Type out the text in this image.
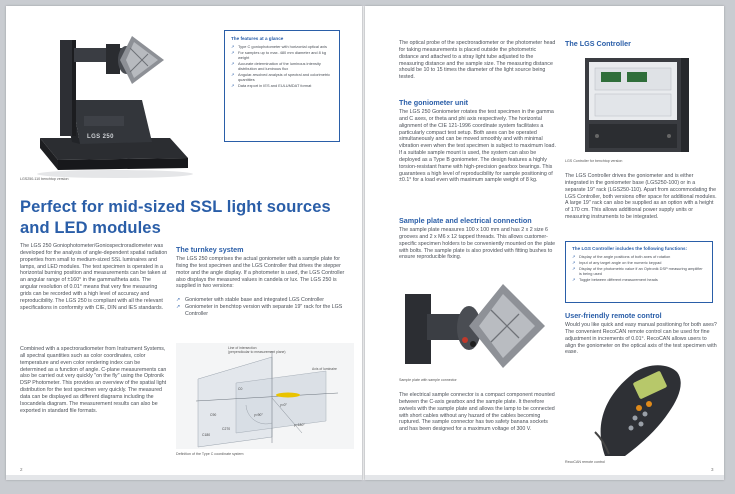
LGS 250

LGS250-110 benchtop version

The features at a glance

↗ Type C goniophotometer with horizontal optical axis
↗ For samples up to max. 480 mm diameter and 8 kg weight
↗ Accurate determination of the luminous intensity distribution and luminous flux
↗ Angular-resolved analysis of spectral and colorimetric quantities
↗ Data export in IES and EULUMDAT format

Perfect for mid-sized SSL light sources

and LED modules

The LGS 250 Goniophotometer/Goniospectroradiometer was developed for the analysis of angle-dependent spatial radiation properties from small to medium-sized SSL luminaires and lamps, and LED modules. The test specimen is operated in a horizontal burning position and measurements can be taken at an angular range of ±160° in the gamma/theta axis. The angular resolution of 0.01° means that very fine measuring grids can be recorded with a high level of accuracy and reproducibility. The LGS 250 is compliant with all the relevant specifications in conformity with CIE, DIN and IES standards.

Combined with a spectroradiometer from Instrument Systems, all spectral quantities such as color coordinates, color temperature and even color rendering index can be determined as a function of angle. C-plane measurements can also be carried out very quickly "on the fly" using the Optronik DSP Photometer. This provides an overview of the spatial light distribution for the test specimen very quickly. The measured data can be displayed as different diagrams including the Isocandela diagram. The measurement results can also be exported in standard file formats.

The turnkey system

The LGS 250 comprises the actual goniometer with a sample plate for fixing the test specimen and the LGS Controller that drives the stepper motor and the angle display. If a photometer is used, the LGS Controller also displays the measured values in candela or lux. The LGS 250 is supplied in two versions:

↗ Goniometer with stable base and integrated LGS Controller
↗ Goniometer in benchtop version with separate 19" rack for the LGS Controller
Line of intersection
(perpendicular to measurement plane)
Axis of luminaire
C0
C90
C180
C270
γ=0°
γ=90°
γ=180°

Definition of the Type C coordinate system

2

The optical probe of the spectroradiometer or the photometer head for taking measurements is placed outside the photometric distance and attached to a stray light tube adjusted to the measuring distance and the sample size. The measuring distance should be 10 to 15 times the diameter of the light source being tested.

The goniometer unit

The LGS 250 Goniometer rotates the test specimen in the gamma and C axes, or theta and phi axis respectively. The horizontal alignment of the CIE 121-1996 coordinate system facilitates a particularly compact test setup. Both axes can be operated simultaneously and can be moved smoothly and with minimal vibration even when the test specimen is subject to maximum load. If a suitable sample mount is used, the system can also be deployed as a Type B goniometer. The design features a highly torsion-resistant frame with high-precision gearbox bearings. This guarantees a high level of reproducibility for sample positioning of ±0.1° for a load even with maximum sample weight of 8 kg.

Sample plate and electrical connection

The sample plate measures 100 x 100 mm and has 2 x 2 size 6 grooves and 2 x M6 x 12 tapped threads. This allows customer-specific specimen holders to be conveniently mounted on the plate with bolts. The sample plate is also provided with fitting bushes to ensure reproducible fixing.

Sample plate with sample connector

The electrical sample connector is a compact component mounted between the C-axis gearbox and the sample plate. It therefore swivels with the sample plate and allows the lamp to be connected with short cables without any hazard of the cables becoming ruptured. The sample connector has two safety banana sockets and has been designed for a maximum voltage of 300 V.

The LGS Controller

LGS Controller for benchtop version

The LGS Controller drives the goniometer and is either integrated in the goniometer base (LGS250-100) or in a separate 19" rack (LGS250-110). Apart from accommodating the LGS Controller, both versions offer space for additional modules. A large 19" rack can also be supplied as an option with a height of 170 cm. This allows additional power supply units or measuring instruments to be integrated.

The LGS Controller includes the following functions:

↗ Display of the angle positions of both axes of rotation
↗ Input of any target angle on the numeric keypad
↗ Display of the photometric value if an Optronik DSP measuring amplifier is being used
↗ Toggle between different measurement heads

User-friendly remote control

Would you like quick and easy manual positioning for both axes? The convenient RecoCAN remote control can be used for fine adjustment in increments of 0.01°. RecoCAN allows users to align the goniometer on the optical axis of the test specimen with ease.

RecoCAN remote control

3
